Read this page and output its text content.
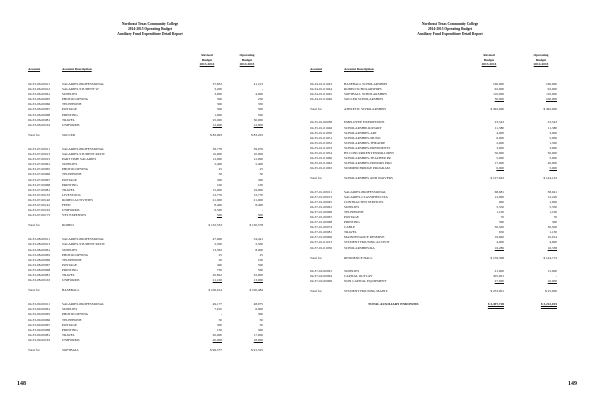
Northeast Texas Community College
2014-2015 Operating Budget
Auxiliary Fund Expenditure Detail Report
Revised
Budget
2013-2014
Operating
Budget
2014-2015
Account	Account Description
04-33-06-00011	SALARIES-PROFESSIONAL	37,833	41,213
04-33-06-00012	SALARIES-STUDENT W	3,200	-
04-33-06-00061	SUPPLIES	3,000	4,000
04-33-06-00065	PHOTOCOPYING	300	250
04-33-06-00066	TELEPHONE	300	350
04-33-06-00067	POSTAGE	500	500
04-33-06-00068	PRINTING	1,000	500
04-33-06-00081	TRAVEL	25,000	30,000
04-33-06-00163	UNIFORMS	12,000	12,000
Total for	SOCCER	$ 82,993	$ 83,203
04-33-07-00011	SALARIES-PROFESSIONAL	39,778	39,976
04-33-07-00013	SALARIES-STUDENT PAYIT	10,000	10,000
04-33-07-00015	PART TIME SALARIES	12,000	12,000
04-33-07-00061	SUPPLIES	5,400	5,400
04-33-07-00065	PHOTOCOPYING	25	25
04-33-07-00066	TELEPHONE	50	50
04-33-07-00067	POSTAGE	300	300
04-33-07-00068	PRINTING	100	100
04-33-07-00081	TRAVEL	15,000	19,000
04-33-07-00133	LIVESTOCK	12,770	12,770
04-33-07-00140	RODEO ACTIVITIES	21,000	21,000
04-33-07-00142	FEED	8,400	8,400
04-33-07-00163	UNIFORMS	6,500	-
04-33-07-00175	VET EXPENSES	500	500
Total for	RODEO	$ 132,533	$ 130,578
04-33-08-00011	SALARIES-PROFESSIONAL	47,006	54,441
04-33-08-00013	SALARIES-STUDENT PAYIT	2,500	2,500
04-33-08-00061	SUPPLIES	13,363	8,000
04-33-08-00065	PHOTOCOPYING	25	25
04-33-08-00066	TELEPHONE	50	100
04-33-08-00067	POSTAGE	400	500
04-33-08-00068	PRINTING	750	500
04-33-08-00081	TRAVEL	20,822	22,000
04-33-08-00163	UNIFORMS	21,100	13,000
Total for	BASEBALL	$ 106,014	$ 100,484
04-33-09-00011	SALARIES-PROFESSIONAL	49,177	48,975
04-33-09-00061	SUPPLIES	7,010	6,000
04-33-09-00065	PHOTOCOPYING	-	300
04-33-09-00066	TELEPHONE	50	50
04-33-09-00067	POSTAGE	300	50
04-33-09-00068	PRINTING	150	300
04-33-09-00081	TRAVEL	20,000	17,000
04-33-09-00163	UNIFORMS	20,000	18,000
Total for	SOFTBALL	$ 96,577	$ 91,325
148
Northeast Texas Community College
2014-2015 Operating Budget
Auxiliary Fund Expenditure Detail Report
Revised
Budget
2013-2014
Operating
Budget
2014-2015
Account	Account Description
04-34-01-01043	BASEBALL SCHOLARSHIPS	160,000	160,000
04-34-01-01044	RODEO SCHOLARSHIPS	92,000	92,000
04-34-01-01045	SOFTBALL SCHOLARSHIPS	110,000	110,000
04-34-01-01046	SOCCER SCHOLARSHIPS	30,000	100,000
Total for	ATHLETIC SCHOLARSHIPS	$ 392,000	$ 462,000
04-35-01-00038	EMPLOYEE EXEMPTIONS	23,543	23,543
04-35-01-01046	SCHOLARSHIP-ROTARY	11,380	11,380
04-35-01-01050	SCHOLARSHIPS-ART	4,000	3,000
04-35-01-01051	SCHOLARSHIPS-MUSIC	6,000	5,000
04-35-01-01052	SCHOLARSHIPS-THEATRE	2,000	1,500
04-35-01-01053	SCHOLARSHIPS-PRESIDENTS	3,000	3,000
04-35-01-01054	HS CONCURRENT ENROLLMEN	50,000	50,000
04-35-01-01060	SCHOLARSHIPS-TEACHER PR	5,000	5,000
04-35-01-01062	SCHOLARSHIPS-HONORS PRO	17,000	20,000
04-35-01-01063	SUMMER BRIDGE PROGRAM	6,000	5,000
Total for	SCHOLARSHIPS AND WAIVERS	$ 127,943	$ 144,143
04-37-01-00011	SALARIES-PROFESSIONAL	68,681	58,941
04-37-01-00013	SALARIES-CLASSIFIED-STA	12,000	12,220
04-37-01-00045	CONTRACTED SERVICES	900	1,000
04-37-01-00061	SUPPLIES	5,350	5,350
04-37-01-00066	TELEPHONE	1,100	1,100
04-37-01-00067	POSTAGE	70	70
04-37-01-00068	PRINTING	300	300
04-37-01-00074	CABLE	30,500	30,500
04-37-01-00081	TRAVEL	650	1,130
04-37-01-00096	MAINTENANCE RESERVE	19,600	10,914
04-37-01-01013	STUDENT HOUSING ACTIVIT	4,000	4,000
04-37-01-01050	SCHOLARSHIPS/RA	16,286	16,338
Total for	RESIDENCE HALL	$ 159,398	$ 144,713
04-37-02-00061	SUPPLIES	21,000	15,000
04-37-02-00094	CAPITAL OUTLAY	205,001	-
04-37-02-00096	NON CAPITAL EQUIPMENT	27,000	10,000
Total for	STUDENT HOUSING MAINT.	$ 253,001	$ 25,000
TOTAL AUXILIARY ENDOWMS	$ 3,497,728	$ 3,212,015
149
